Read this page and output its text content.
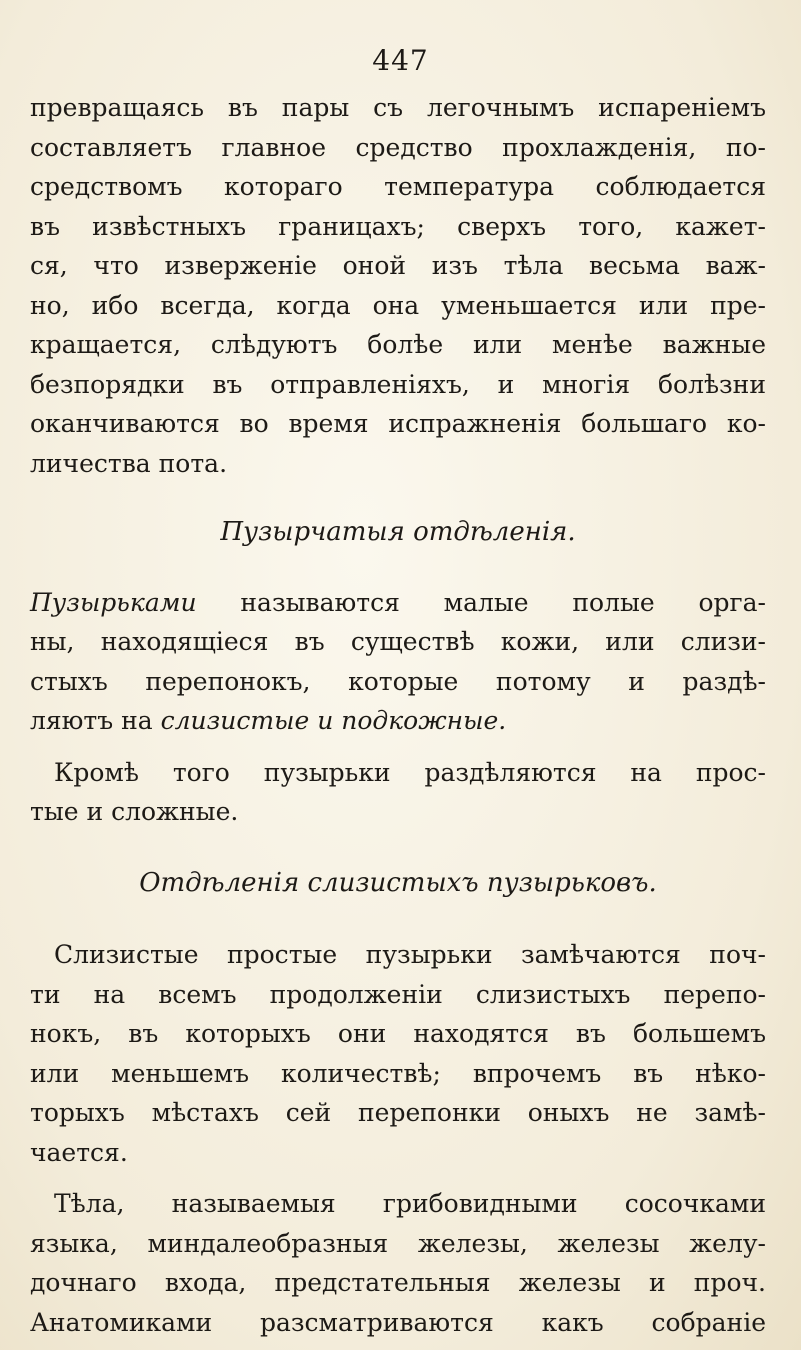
447
превращаясь въ пары съ легочнымъ испаренiемъ
составляетъ главное средство прохлажденiя, по-
средствомъ котораго температура соблюдается
въ извѣстныхъ границахъ; сверхъ того, кажет-
ся, что изверженiе оной изъ тѣла весьма важ-
но, ибо всегда, когда она уменьшается или пре-
кращается, слѣдуютъ болѣе или менѣе важные
безпорядки въ отправленiяхъ, и многiя болѣзни
оканчиваются во время испражненiя большаго ко-
личества пота.
Пузырчатыя отдѣленiя.
Пузырьками называются малые полые орга-
ны, находящiеся въ существѣ кожи, или слизи-
стыхъ перепонокъ, которые потому и раздѣ-
ляютъ на слизистые и подкожные.
Кромѣ того пузырьки раздѣляются на прос-
тые и сложные.
Отдѣленiя слизистыхъ пузырьковъ.
Слизистые простые пузырьки замѣчаются поч-
ти на всемъ продолженiи слизистыхъ перепо-
нокъ, въ которыхъ они находятся въ большемъ
или меньшемъ количествѣ; впрочемъ въ нѣко-
торыхъ мѣстахъ сей перепонки оныхъ не замѣ-
чается.
Тѣла, называемыя грибовидными сосочками
языка, миндалеобразныя железы, железы желу-
дочнаго входа, предстательныя железы и проч.
Анатомиками разсматриваются какъ собранiе
